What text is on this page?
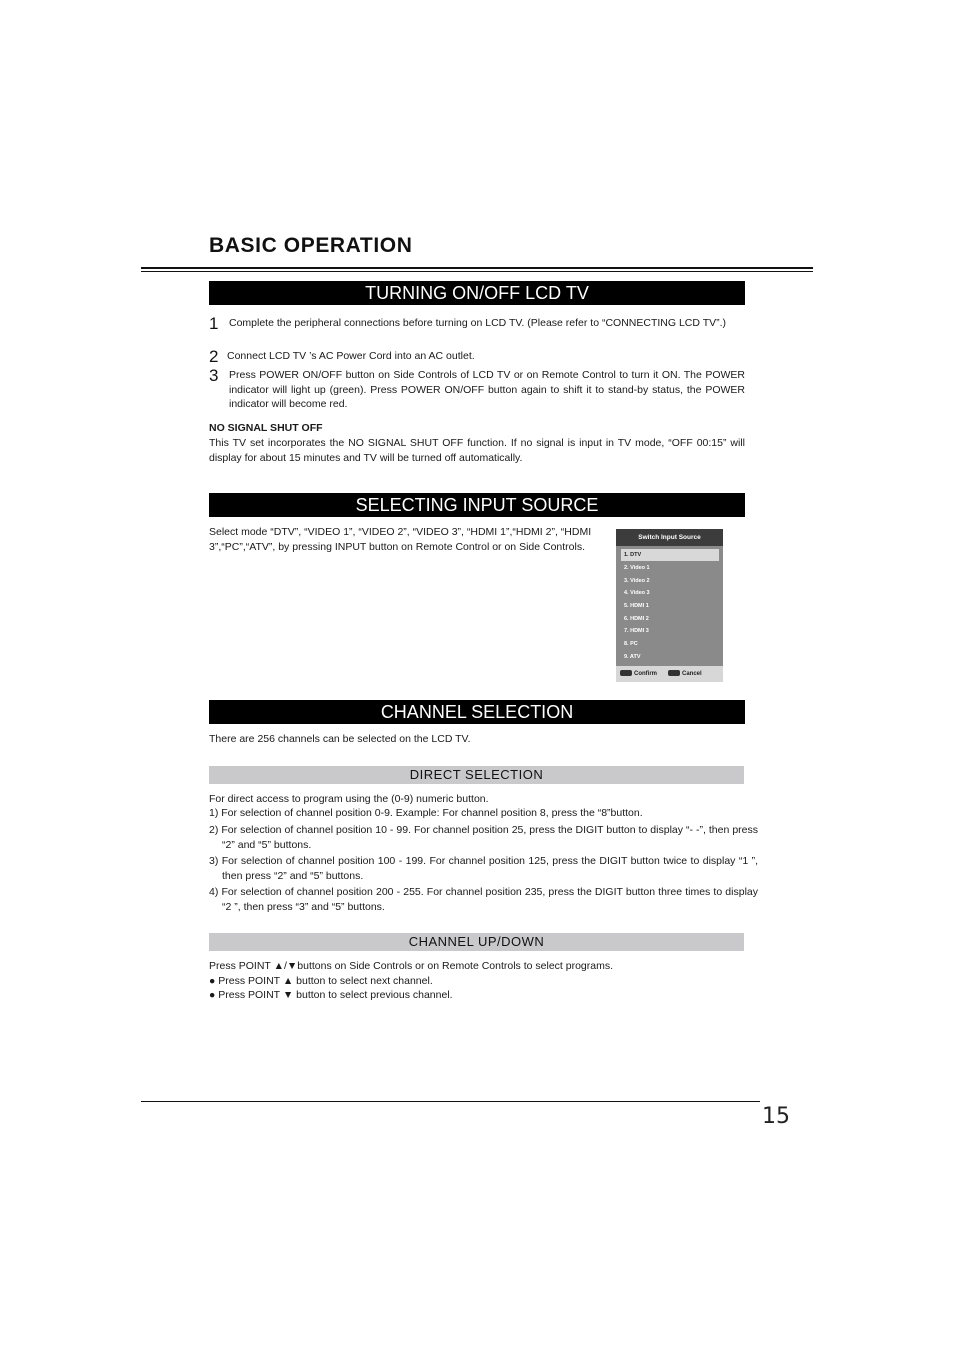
BASIC OPERATION
TURNING ON/OFF LCD TV
1 Complete the peripheral connections before turning on LCD TV. (Please refer to “CONNECTING LCD TV”.)
2 Connect LCD TV ’s AC Power Cord into an AC outlet.
3 Press POWER ON/OFF button on Side Controls of LCD TV or on Remote Control to turn it ON. The POWER indicator will light up (green). Press POWER ON/OFF button again to shift it to stand-by status, the POWER indicator will become red.
NO SIGNAL SHUT OFF
This TV set incorporates the NO SIGNAL SHUT OFF function. If no signal is input in TV mode, “OFF 00:15” will display for about 15 minutes and TV will be turned off automatically.
SELECTING INPUT SOURCE
Select mode “DTV”, “VIDEO 1”, “VIDEO 2”, “VIDEO 3”, “HDMI 1”,“HDMI 2”, “HDMI 3”,“PC”,“ATV”, by pressing INPUT button on Remote Control or on Side Controls.
Switch Input Source
1. DTV
2. Video 1
3. Video 2
4. Video 3
5. HDMI 1
6. HDMI 2
7. HDMI 3
8. PC
9. ATV
Confirm	Cancel
CHANNEL SELECTION
There are 256 channels can be selected on the LCD TV.
DIRECT SELECTION
For direct access to program using the (0-9) numeric button.
1) For selection of channel position 0-9. Example: For channel position 8, press the “8”button.
2) For selection of channel position 10 - 99. For channel position 25, press the DIGIT button to display “- -”, then press “2” and “5” buttons.
3) For selection of channel position 100 - 199. For channel position 125, press the DIGIT button twice to display “1 ”, then press “2” and “5” buttons.
4) For selection of channel position 200 - 255. For channel position 235, press the DIGIT button three times to display “2 ”, then press “3” and “5” buttons.
CHANNEL UP/DOWN
Press POINT ▲/▼buttons on Side Controls or on Remote Controls to select programs.
● Press POINT ▲ button to select next channel.
● Press POINT ▼ button to select previous channel.
15
